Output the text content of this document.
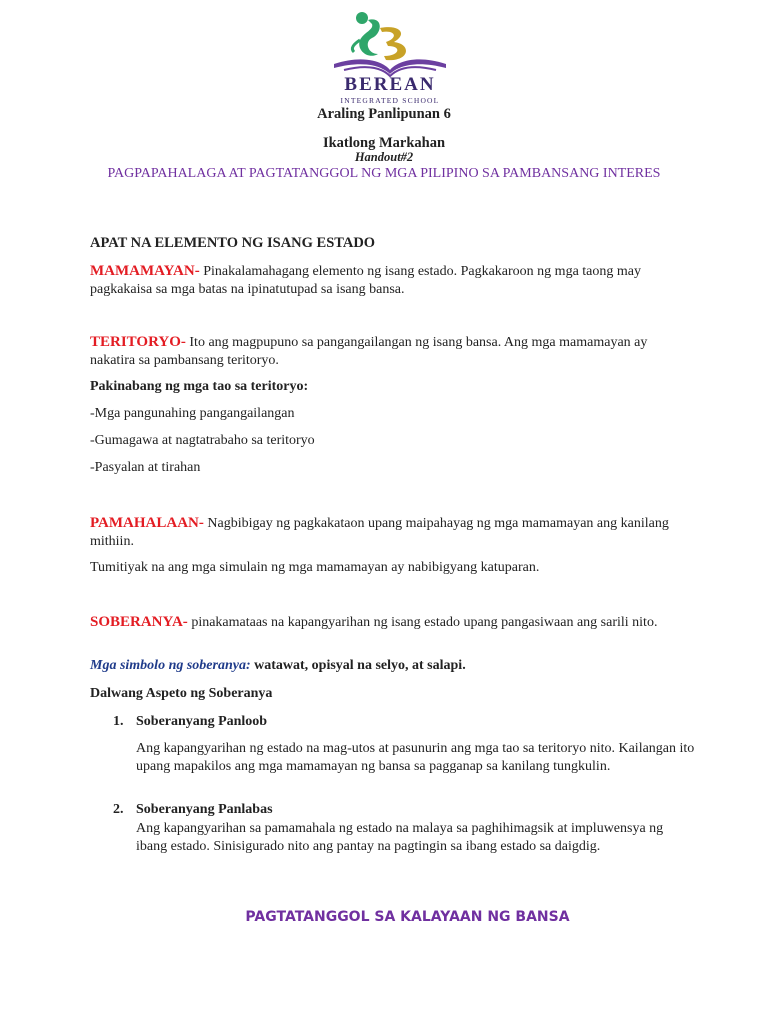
BEREAN
INTEGRATED SCHOOL
Araling Panlipunan 6
Ikatlong Markahan
Handout#2
PAGPAPAHALAGA AT PAGTATANGGOL NG MGA PILIPINO SA PAMBANSANG INTERES
APAT NA ELEMENTO NG ISANG ESTADO
MAMAMAYAN- Pinakalamahagang elemento ng isang estado. Pagkakaroon ng mga taong may pagkakaisa sa mga batas na ipinatutupad sa isang bansa.
TERITORYO- Ito ang magpupuno sa pangangailangan ng isang bansa. Ang mga mamamayan ay nakatira sa pambansang teritoryo.
Pakinabang ng mga tao sa teritoryo:
-Mga pangunahing pangangailangan
-Gumagawa at nagtatrabaho sa teritoryo
-Pasyalan at tirahan
PAMAHALAAN- Nagbibigay ng pagkakataon upang maipahayag ng mga mamamayan ang kanilang mithiin.
Tumitiyak na ang mga simulain ng mga mamamayan ay nabibigyang katuparan.
SOBERANYA- pinakamataas na kapangyarihan ng isang estado upang pangasiwaan ang sarili nito.
Mga simbolo ng soberanya: watawat, opisyal na selyo, at salapi.
Dalwang Aspeto ng Soberanya
1. Soberanyang Panloob
Ang kapangyarihan ng estado na mag-utos at pasunurin ang mga tao sa teritoryo nito. Kailangan ito upang mapakilos ang mga mamamayan ng bansa sa pagganap sa kanilang tungkulin.
2. Soberanyang Panlabas
Ang kapangyarihan sa pamamahala ng estado na malaya sa paghihimagsik at impluwensya ng ibang estado. Sinisigurado nito ang pantay na pagtingin sa ibang estado sa daigdig.
PAGTATANGGOL SA KALAYAAN NG BANSA
